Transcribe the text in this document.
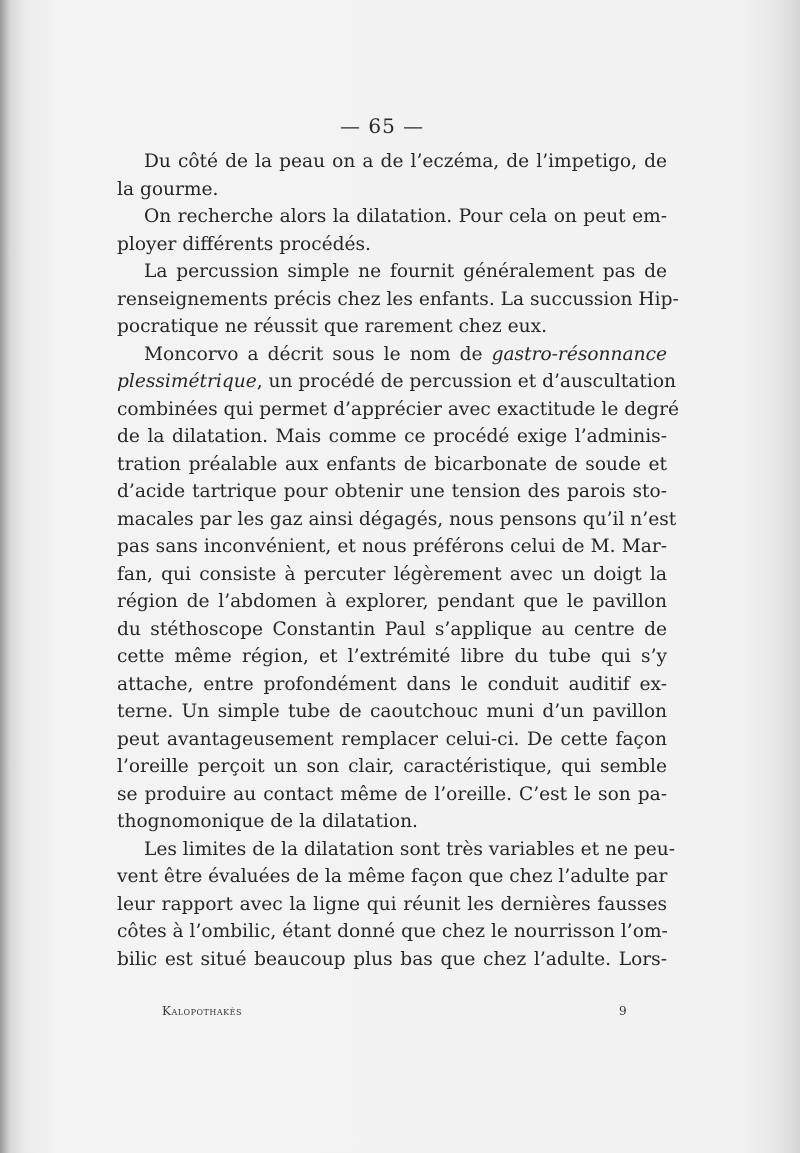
— 65 —
Du côté de la peau on a de l’eczéma, de l’impetigo, de
la gourme.
On recherche alors la dilatation. Pour cela on peut em-
ployer différents procédés.
La percussion simple ne fournit généralement pas de
renseignements précis chez les enfants. La succussion Hip-
pocratique ne réussit que rarement chez eux.
Moncorvo a décrit sous le nom de gastro-résonnance
plessimétrique, un procédé de percussion et d’auscultation
combinées qui permet d’apprécier avec exactitude le degré
de la dilatation. Mais comme ce procédé exige l’adminis-
tration préalable aux enfants de bicarbonate de soude et
d’acide tartrique pour obtenir une tension des parois sto-
macales par les gaz ainsi dégagés, nous pensons qu’il n’est
pas sans inconvénient, et nous préférons celui de M. Mar-
fan, qui consiste à percuter légèrement avec un doigt la
région de l’abdomen à explorer, pendant que le pavillon
du stéthoscope Constantin Paul s’applique au centre de
cette même région, et l’extrémité libre du tube qui s’y
attache, entre profondément dans le conduit auditif ex-
terne. Un simple tube de caoutchouc muni d’un pavillon
peut avantageusement remplacer celui-ci. De cette façon
l’oreille perçoit un son clair, caractéristique, qui semble
se produire au contact même de l’oreille. C’est le son pa-
thognomonique de la dilatation.
Les limites de la dilatation sont très variables et ne peu-
vent être évaluées de la même façon que chez l’adulte par
leur rapport avec la ligne qui réunit les dernières fausses
côtes à l’ombilic, étant donné que chez le nourrisson l’om-
bilic est situé beaucoup plus bas que chez l’adulte. Lors-
Kalopothakès	9
